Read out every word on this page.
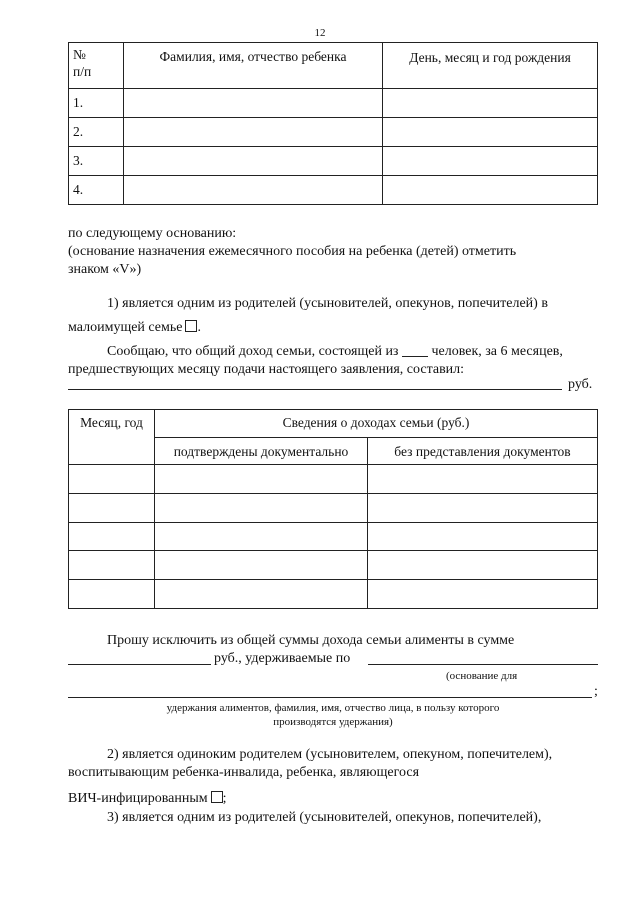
12
№
п/п	Фамилия, имя, отчество ребенка	День, месяц и год рождения
1.		
2.		
3.		
4.		
по следующему основанию:
(основание назначения ежемесячного пособия на ребенка (детей) отметить
знаком «V»)
1) является одним из родителей (усыновителей, опекунов, попечителей) в
малоимущей семье .
Сообщаю, что общий доход семьи, состоящей из человек, за 6 месяцев,
предшествующих месяцу подачи настоящего заявления, составил:
руб.
Месяц, год	Сведения о доходах семьи (руб.)	
	подтверждены документально	без представления документов

Прошу исключить из общей суммы дохода семьи алименты в сумме
руб., удерживаемые по
(основание для
;
удержания алиментов, фамилия, имя, отчество лица, в пользу которого
производятся удержания)
2) является одиноким родителем (усыновителем, опекуном, попечителем),
воспитывающим ребенка-инвалида, ребенка, являющегося
ВИЧ-инфицированным ;
3) является одним из родителей (усыновителей, опекунов, попечителей),
